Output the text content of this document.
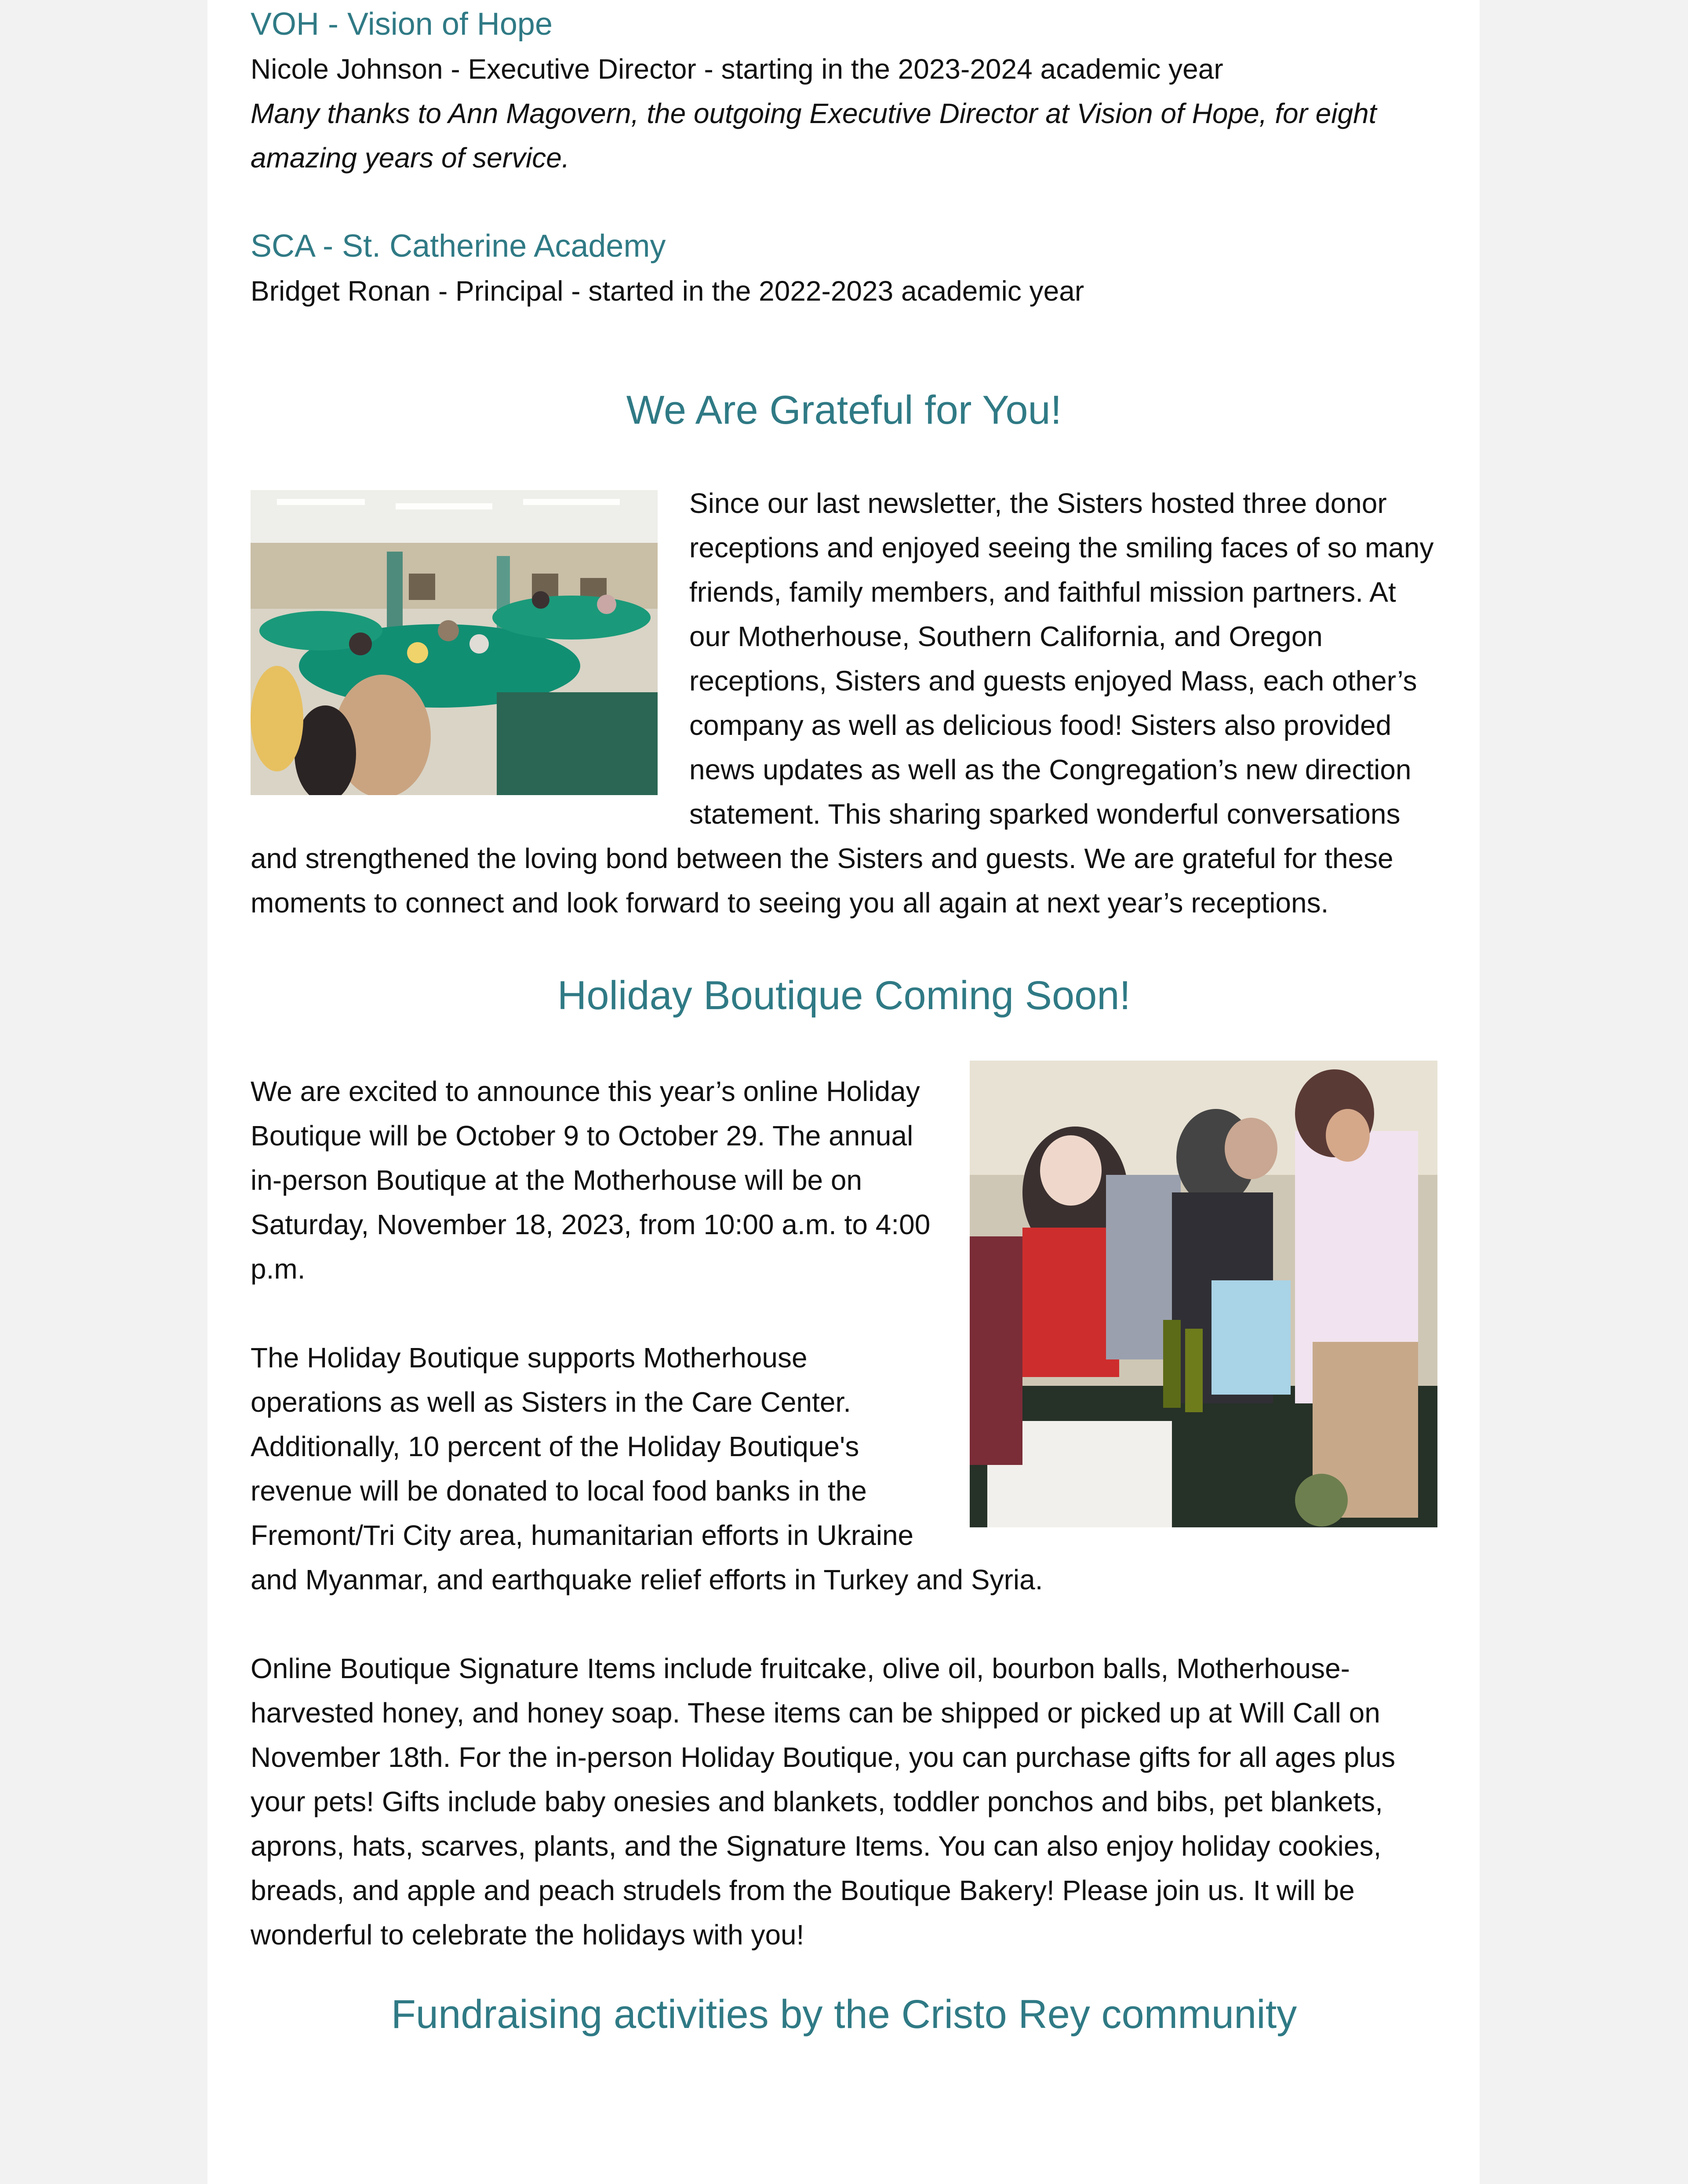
VOH - Vision of Hope

Nicole Johnson - Executive Director - starting in the 2023-2024 academic year

Many thanks to Ann Magovern, the outgoing Executive Director at Vision of Hope, for eight amazing years of service.

SCA - St. Catherine Academy

Bridget Ronan - Principal - started in the 2022-2023 academic year

We Are Grateful for You!

Since our last newsletter, the Sisters hosted three donor receptions and enjoyed seeing the smiling faces of so many friends, family members, and faithful mission partners. At our Motherhouse, Southern California, and Oregon receptions, Sisters and guests enjoyed Mass, each other’s company as well as delicious food! Sisters also provided news updates as well as the Congregation’s new direction statement. This sharing sparked wonderful conversations and strengthened the loving bond between the Sisters and guests. We are grateful for these moments to connect and look forward to seeing you all again at next year’s receptions.

Holiday Boutique Coming Soon!

We are excited to announce this year’s online Holiday Boutique will be October 9 to October 29. The annual in-person Boutique at the Motherhouse will be on Saturday, November 18, 2023, from 10:00 a.m. to 4:00 p.m.

The Holiday Boutique supports Motherhouse operations as well as Sisters in the Care Center. Additionally, 10 percent of the Holiday Boutique's revenue will be donated to local food banks in the Fremont/Tri City area, humanitarian efforts in Ukraine and Myanmar, and earthquake relief efforts in Turkey and Syria.

Online Boutique Signature Items include fruitcake, olive oil, bourbon balls, Motherhouse-harvested honey, and honey soap. These items can be shipped or picked up at Will Call on November 18th. For the in-person Holiday Boutique, you can purchase gifts for all ages plus your pets! Gifts include baby onesies and blankets, toddler ponchos and bibs, pet blankets, aprons, hats, scarves, plants, and the Signature Items. You can also enjoy holiday cookies, breads, and apple and peach strudels from the Boutique Bakery! Please join us. It will be wonderful to celebrate the holidays with you!

Fundraising activities by the Cristo Rey community
